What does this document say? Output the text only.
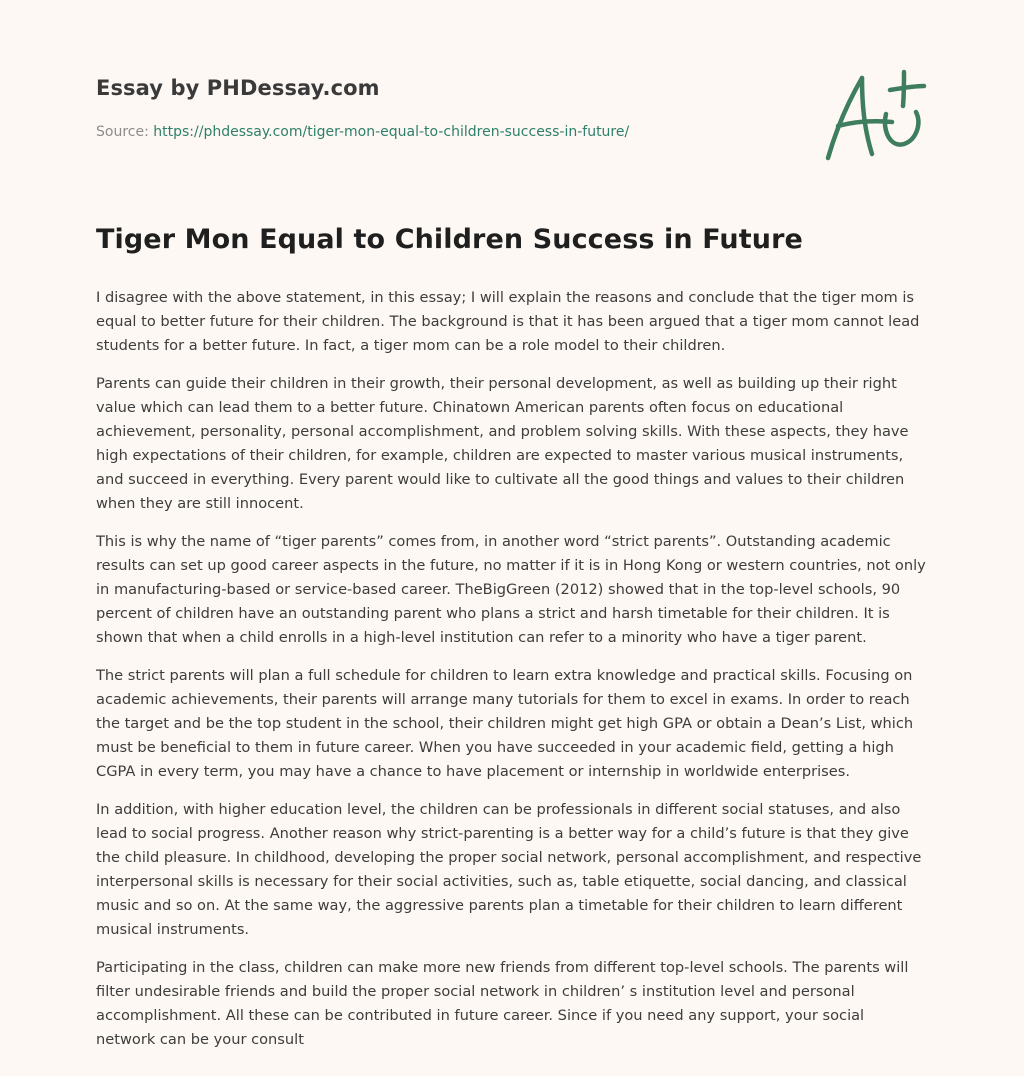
Essay by PHDessay.com

Source: https://phdessay.com/tiger-mon-equal-to-children-success-in-future/

Tiger Mon Equal to Children Success in Future

I disagree with the above statement, in this essay; I will explain the reasons and conclude that the tiger mom is equal to better future for their children. The background is that it has been argued that a tiger mom cannot lead students for a better future. In fact, a tiger mom can be a role model to their children.

Parents can guide their children in their growth, their personal development, as well as building up their right value which can lead them to a better future. Chinatown American parents often focus on educational achievement, personality, personal accomplishment, and problem solving skills. With these aspects, they have high expectations of their children, for example, children are expected to master various musical instruments, and succeed in everything. Every parent would like to cultivate all the good things and values to their children when they are still innocent.

This is why the name of “tiger parents” comes from, in another word “strict parents”. Outstanding academic results can set up good career aspects in the future, no matter if it is in Hong Kong or western countries, not only in manufacturing-based or service-based career. TheBigGreen (2012) showed that in the top-level schools, 90 percent of children have an outstanding parent who plans a strict and harsh timetable for their children. It is shown that when a child enrolls in a high-level institution can refer to a minority who have a tiger parent.

The strict parents will plan a full schedule for children to learn extra knowledge and practical skills. Focusing on academic achievements, their parents will arrange many tutorials for them to excel in exams. In order to reach the target and be the top student in the school, their children might get high GPA or obtain a Dean’s List, which must be beneficial to them in future career. When you have succeeded in your academic field, getting a high CGPA in every term, you may have a chance to have placement or internship in worldwide enterprises.

In addition, with higher education level, the children can be professionals in different social statuses, and also lead to social progress. Another reason why strict-parenting is a better way for a child’s future is that they give the child pleasure. In childhood, developing the proper social network, personal accomplishment, and respective interpersonal skills is necessary for their social activities, such as, table etiquette, social dancing, and classical music and so on. At the same way, the aggressive parents plan a timetable for their children to learn different musical instruments.

Participating in the class, children can make more new friends from different top-level schools. The parents will filter undesirable friends and build the proper social network in children’ s institution level and personal accomplishment. All these can be contributed in future career. Since if you need any support, your social network can be your consult
